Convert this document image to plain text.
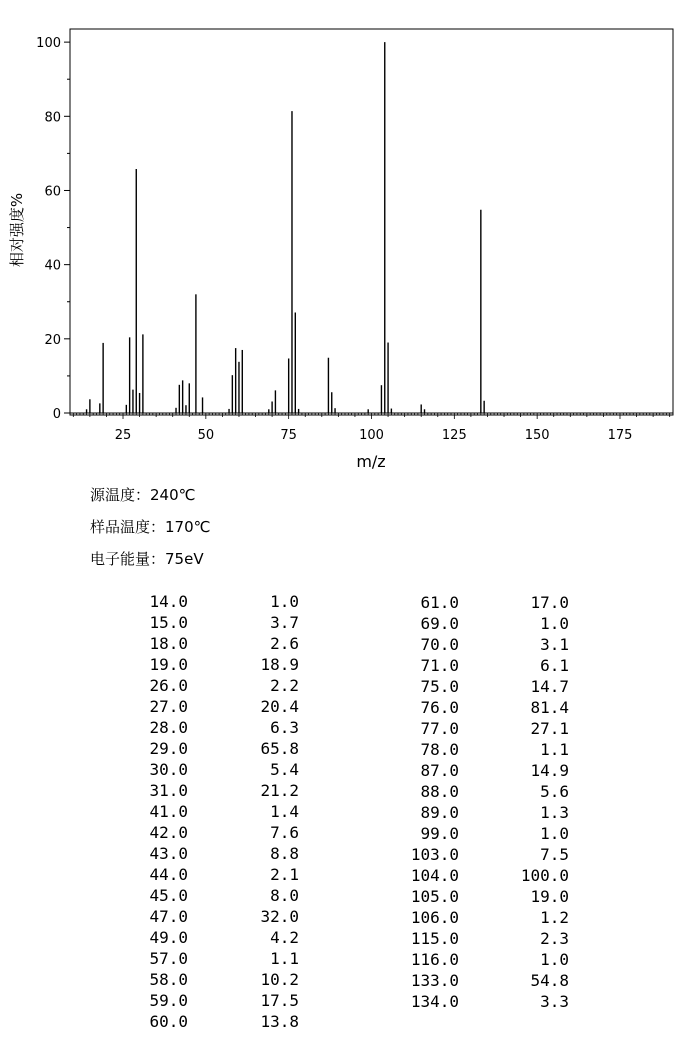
0
20
40
60
80
100
25	50	75	100	125	150	175
m/z
相对强度%
源温度：240℃
样品温度：170℃
电子能量：75eV
14.0	1.0
15.0	3.7
18.0	2.6
19.0	18.9
26.0	2.2
27.0	20.4
28.0	6.3
29.0	65.8
30.0	5.4
31.0	21.2
41.0	1.4
42.0	7.6
43.0	8.8
44.0	2.1
45.0	8.0
47.0	32.0
49.0	4.2
57.0	1.1
58.0	10.2
59.0	17.5
60.0	13.8
61.0	17.0
69.0	1.0
70.0	3.1
71.0	6.1
75.0	14.7
76.0	81.4
77.0	27.1
78.0	1.1
87.0	14.9
88.0	5.6
89.0	1.3
99.0	1.0
103.0	7.5
104.0	100.0
105.0	19.0
106.0	1.2
115.0	2.3
116.0	1.0
133.0	54.8
134.0	3.3
